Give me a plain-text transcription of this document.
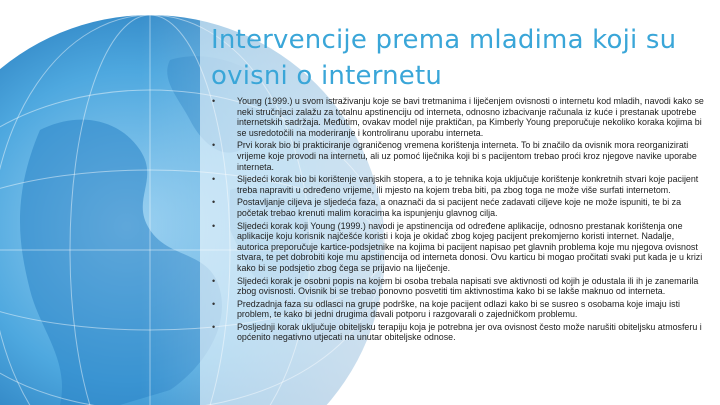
Intervencije prema mladima koji su ovisni o internetu
•	Young (1999.) u svom istraživanju koje se bavi tretmanima i liječenjem ovisnosti o internetu kod mladih, navodi kako se neki stručnjaci zalažu za totalnu apstinenciju od interneta, odnosno izbacivanje računala iz kuće i prestanak upotrebe internetskih sadržaja. Međutim, ovakav model nije praktičan, pa Kimberly Young preporučuje nekoliko koraka kojima bi se usredotočili na moderiranje i kontroliranu uporabu interneta.
•	Prvi korak bio bi prakticiranje ograničenog vremena korištenja interneta. To bi značilo da ovisnik mora reorganizirati vrijeme koje provodi na internetu, ali uz pomoć liječnika koji bi s pacijentom trebao proći kroz njegove navike uporabe interneta.
•	Sljedeći korak bio bi korištenje vanjskih stopera, a to je tehnika koja uključuje korištenje konkretnih stvari koje pacijent treba napraviti u određeno vrijeme, ili mjesto na kojem treba biti, pa zbog toga ne može više surfati internetom.
•	Postavljanje ciljeva je sljedeća faza, a onaznači da si pacijent neće zadavati ciljeve koje ne može ispuniti, te bi za početak trebao krenuti malim koracima ka ispunjenju glavnog cilja.
•	Sljedeći korak koji Young (1999.) navodi je apstinencija od određene aplikacije, odnosno prestanak korištenja one aplikacije koju korisnik najčešće koristi i koja je okidač zbog kojeg pacijent prekomjerno koristi internet. Nadalje, autorica preporučuje kartice-podsjetnike na kojima bi pacijent napisao pet glavnih problema koje mu njegova ovisnost stvara, te pet dobrobiti koje mu apstinencija od interneta donosi. Ovu karticu bi mogao pročitati svaki put kada je u krizi kako bi se podsjetio zbog čega se prijavio na liječenje.
•	Sljedeći korak je osobni popis na kojem bi osoba trebala napisati sve aktivnosti od kojih je odustala ili ih je zanemarila zbog ovisnosti. Ovisnik bi se trebao ponovno posvetiti tim aktivnostima kako bi se lakše maknuo od interneta.
•	Predzadnja faza su odlasci na grupe podrške, na koje pacijent odlazi kako bi se susreo s osobama koje imaju isti problem, te kako bi jedni drugima davali potporu i razgovarali o zajedničkom problemu.
•	Posljednji korak uključuje obiteljsku terapiju koja je potrebna jer ova ovisnost često može narušiti obiteljsku atmosferu i općenito negativno utjecati na unutar obiteljske odnose.
